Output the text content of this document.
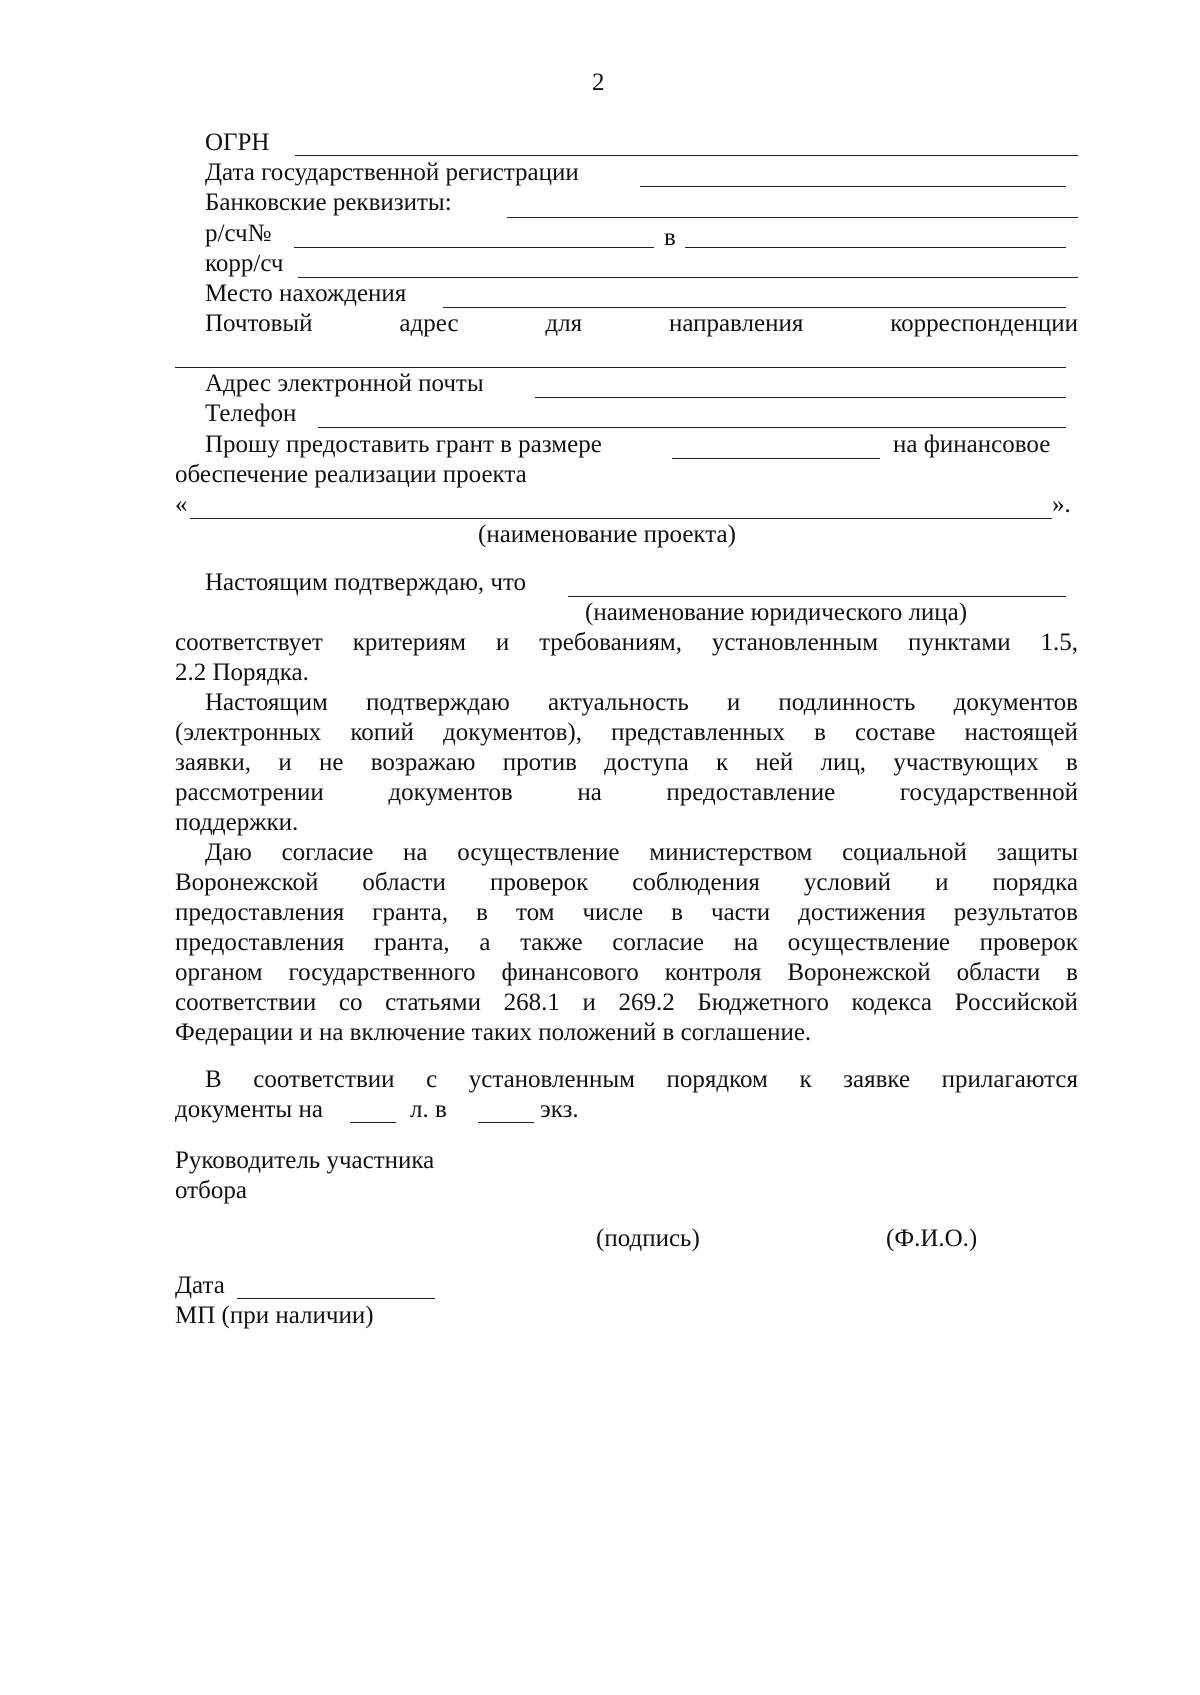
2
ОГРН
Дата государственной регистрации
Банковские реквизиты:
р/сч№	в
корр/сч
Место нахождения
Почтовый	адрес	для	направления	корреспонденции
Адрес электронной почты
Телефон
Прошу предоставить грант в размере	на финансовое
обеспечение реализации проекта
«	».
(наименование проекта)
Настоящим подтверждаю, что
(наименование юридического лица)
соответствует критериям и требованиям, установленным пунктами 1.5,
2.2 Порядка.
Настоящим подтверждаю актуальность и подлинность документов
(электронных копий документов), представленных в составе настоящей
заявки, и не возражаю против доступа к ней лиц, участвующих в
рассмотрении	документов	на	предоставление	государственной
поддержки.
Даю согласие на осуществление министерством социальной защиты
Воронежской области проверок соблюдения условий и порядка
предоставления гранта, в том числе в части достижения результатов
предоставления гранта, а также согласие на осуществление проверок
органом государственного финансового контроля Воронежской области в
соответствии со статьями 268.1 и 269.2 Бюджетного кодекса Российской
Федерации и на включение таких положений в соглашение.
В соответствии с установленным порядком к заявке прилагаются
документы на	л. в	экз.
Руководитель участника
отбора
(подпись)	(Ф.И.О.)
Дата
МП (при наличии)
